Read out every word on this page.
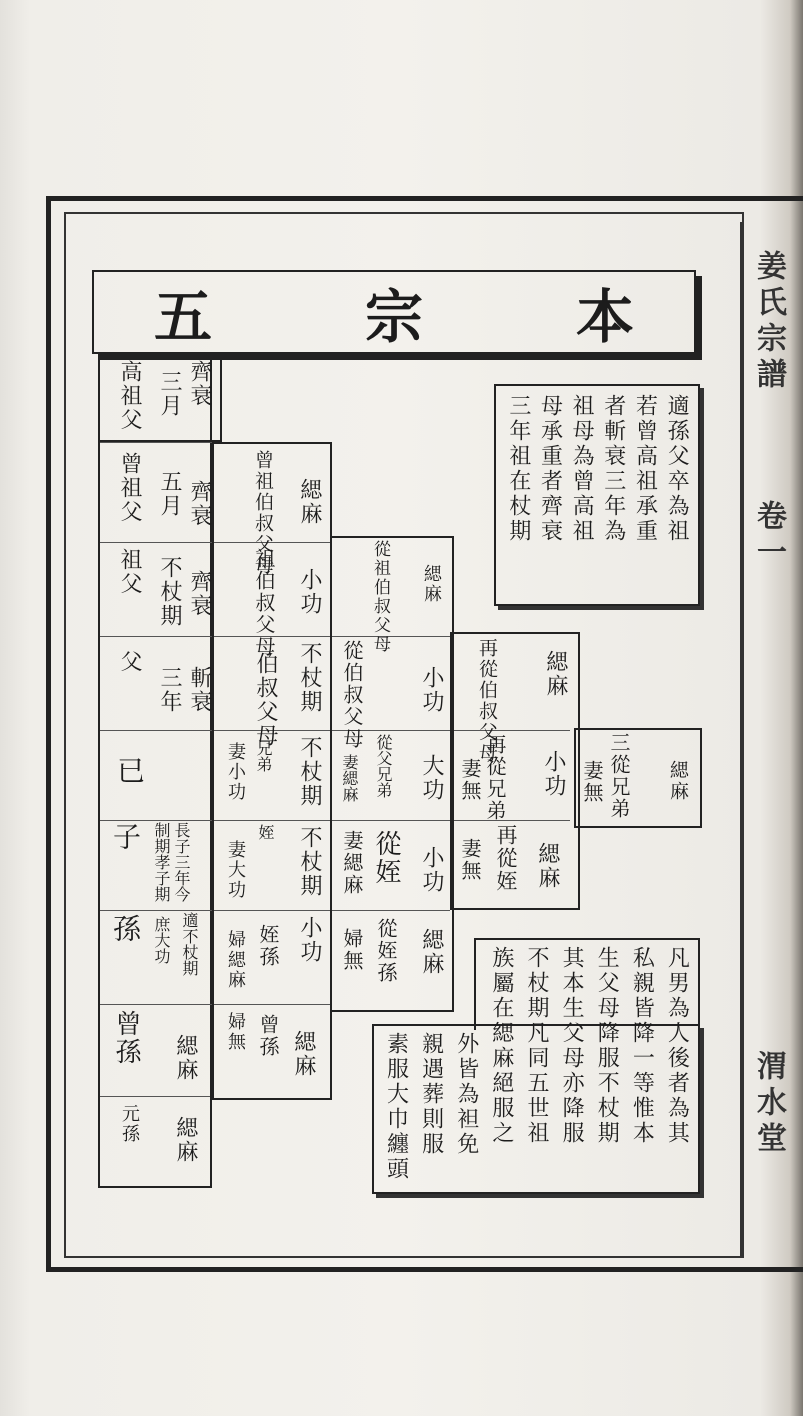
姜氏宗譜
卷一
渭水堂
五	宗	本
高祖父 三月 齊衰
曾祖父 五月 齊衰
祖父 不杖期 齊衰
父
三年 斬衰
已
子 制期孝子期 長子三年今
庶大功 適不杖期
孫
曾孫 緦麻
元孫 緦麻
緦麻
曾祖伯叔父母
小功
祖伯叔父母
不杖期
伯叔父母
不杖期
兄弟
妻小功
不杖期
姪
妻大功
小功
姪孫
婦緦麻
緦麻
曾孫
婦無
緦麻
從祖伯叔父母
小功
從伯叔父母
大功
從父兄弟
妻緦麻
小功
從姪
妻緦麻
緦麻
從姪孫
婦無
緦麻
再從伯叔父母
小功
再從兄弟
妻無
緦麻
再從姪
妻無
緦麻
三從兄弟
妻無
適孫父卒為祖
若曾高祖承重
者斬衰三年為
祖母為曾高祖
母承重者齊衰
三年祖在杖期
凡男為人後者為其
私親皆降一等惟本
生父母降服不杖期
其本生父母亦降服
不杖期凡同五世祖
族屬在緦麻絕服之
外皆為袒免
親遇葬則服
素服大巾纏頭
